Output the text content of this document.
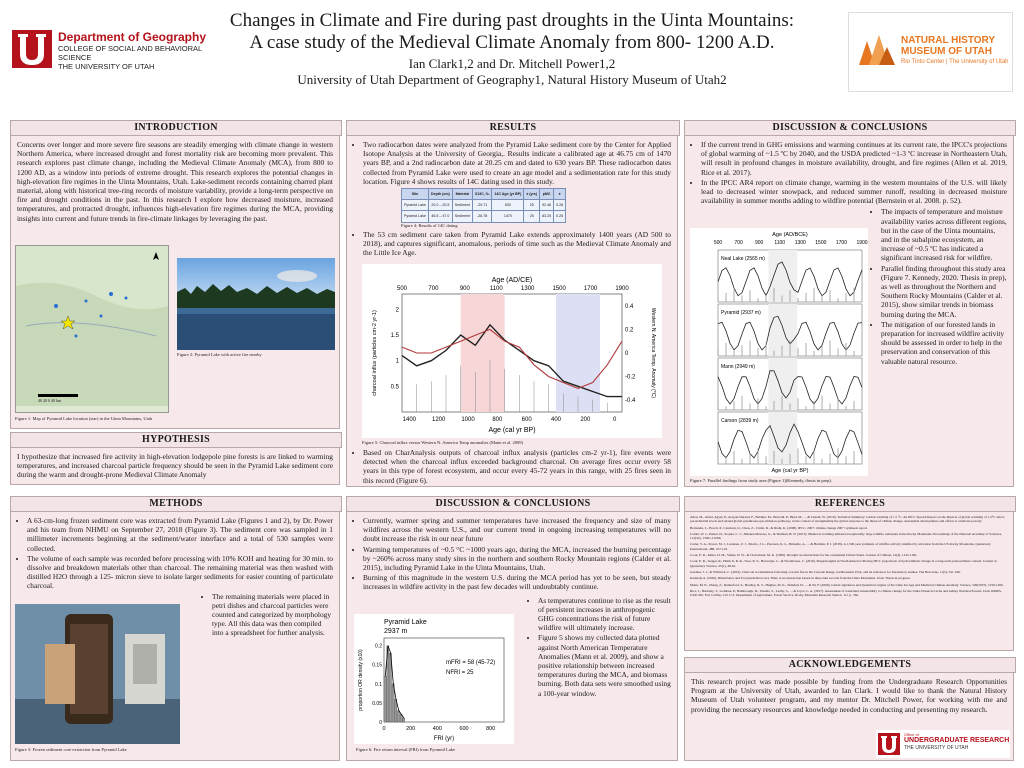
Department of Geography
COLLEGE OF SOCIAL AND BEHAVIORAL SCIENCE
THE UNIVERSITY OF UTAH
Changes in Climate and Fire during past droughts in the Uinta Mountains:
A case study of the Medieval Climate Anomaly from 800- 1200 A.D.
Ian Clark1,2 and Dr. Mitchell Power1,2
University of Utah Department of Geography1, Natural History Museum of Utah2
NATURAL HISTORY
MUSEUM OF UTAH
Rio Tinto Center | The University of Utah
INTRODUCTION
Concerns over longer and more severe fire seasons are steadily emerging with climate change in western Northern America, where increased drought and forest mortality risk are becoming more prevalent. This research explores past climate change, including the Medieval Climate Anomaly (MCA), from 800 to 1200 AD, as a window into periods of extreme drought. This research explores the potential changes in high-elevation fire regimes in the Uinta Mountains, Utah. Lake-sediment records containing charred plant material, along with historical tree-ring records of moisture variability, provide a long-term perspective on fire and drought conditions in the past. In this research I explore how decreased moisture, increased temperatures, and protracted drought, influences high-elevation fire regimes during the MCA, providing insights into current and future trends in fire-climate linkages by leveraging the past.
40 20 0 40 km
Figure 1: Map of Pyramid Lake location (star) in the Uinta Mountains, Utah
Figure 2: Pyramid Lake with active fire nearby
HYPOTHESIS
I hypothesize that increased fire activity in high-elevation lodgepole pine forests is are linked to warming temperatures, and increased charcoal particle frequency should be seen in the Pyramid Lake sediment core during the warm and drought-prone Medieval Climate Anomaly
METHODS
• A 63-cm-long frozen sediment core was extracted from Pyramid Lake (Figures 1 and 2), by Dr. Power and his team from NHMU on September 27, 2018 (Figure 3). The sediment core was sampled in 1 millimeter increments beginning at the sediment/water interface and a total of 530 samples were collected.
• The volume of each sample was recorded before processing with 10% KOH and heating for 30 min. to dissolve and breakdown materials other than charcoal. The remaining material was then washed with distilled H2O through a 125- micron sieve to isolate larger sediments for easier counting of particulate charcoal.
• The remaining materials were placed in petri dishes and charcoal particles were counted and categorized by morphology type. All this data was then compiled into a spreadsheet for further analysis.
Figure 3: Frozen sediment core extraction from Pyramid Lake
RESULTS
• Two radiocarbon dates were analyzed from the Pyramid Lake sediment core by the Center for Applied Isotope Analysis at the University of Georgia,. Results indicate a calibrated age at 46.75 cm of 1470 years BP, and a 2nd radiocarbon date at 20.25 cm and dated to 630 years BP. These radiocarbon dates collected from Pyramid Lake were used to create an age model and a sedimentation rate for this study location. Figure 4 shows results of 14C dating used in this study.
Site	Depth (cm)	Material	δ13C, ‰	14C Age (yr BP)	± (yrs)	pMC	±
Pyramid Lake	20.0 – 20.5	Sediment	-29.71	630	25	92.46	0.28
Pyramid Lake	46.5 – 47.0	Sediment	-28.78	1470	25	83.25	0.25
Figure 4: Results of 14C dating
• The 53 cm sediment care taken from Pyramid Lake extends approximately 1400 years (AD 500 to 2018), and captures significant, anomalous, periods of time such as the Medieval Climate Anomaly and the Little Ice Age.
1400	1200	1000	800	600	400	200	0
500	700	900	1100	1300	1500	1700	1900
0.5
1
1.5
2
-0.4
-0.2
0
0.2
0.4
Age (cal yr BP)
Age (AD/CE)
charcoal influx (particles cm-2 yr-1)	Western N. America Temp. Anomaly (°C)
Figure 5: Charcoal influx versus Western N. America Temp anomalies (Mann et al. 2009)
• Based on CharAnalysis outputs of charcoal influx analysis (particles cm-2 yr-1), fire events were detected when the charcoal influx exceeded background charcoal. On average fires occur every 58 years in this type of forest ecosystem, and occur every 45-72 years in this range, with 25 fires seen in this record (Figure 6).
DISCUSSION & CONCLUSIONS
• Currently, warmer spring and summer temperatures have increased the frequency and size of many wildfires across the western U.S., and our current trend in ongoing increasing temperatures will no doubt increase the risk in our near future
• Warming temperatures of ~0.5 °C ~1000 years ago, during the MCA, increased the burning percentage by ~260% across many study sites in the northern and southern Rocky Mountain regions (Calder et al. 2015), including Pyramid Lake in the Uinta Mountains, Utah.
• Burning of this magnitude in the western U.S. during the MCA period has yet to be seen, but steady increases in wildfire activity in the past few decades will undoubtably continue.
• As temperatures continue to rise as the result of persistent increases in anthropogenic GHG concentrations the risk of future wildfire will ultimately increase.
• Figure 5 shows my collected data plotted against North American Temperature Anomalies (Mann et al. 2009), and show a positive relationship between increased temperatures during the MCA, and biomass burning. Both data sets were smoothed using a 100-year window.
Pyramid Lake
2937 m
0	200	400	600	800
0
0.05
0.1
0.15
0.2
FRI (yr)
proportion OR density (x10)	mFRI = 58 (45-72)
NFRI = 25
Figure 6: Fire return interval (FRI) from Pyramid Lake
DISCUSSION & CONCLUSIONS
• If the current trend in GHG emissions and warming continues at its current rate, the IPCC's projections of global warming of ~1.5 ºC by 2040, and the USDA predicted ~1-3 ºC increase in Northeastern Utah, will result in profound changes in moisture availability, drought, and fire regimes (Allen et al. 2019, Rice et al. 2017).
• In the IPCC AR4 report on climate change, warming in the western mountains of the U.S. will likely lead to decreased winter snowpack, and reduced summer runoff, resulting in decreased moisture availability in summer months adding to wildfire potential (Bernstein et al. 2008. p. 52).
• The impacts of temperature and moisture availability varies across different regions, but in the case of the Uinta mountains, and in the subalpine ecosystem, an increase of ~0.5 ºC has indicated a significant increased risk for wildfire.
• Parallel finding throughout this study area (Figure 7. Kennedy, 2020. Thesis in prep), as well as throughout the Northern and Southern Rocky Mountains (Calder et al. 2015), show similar trends in biomass burning during the MCA.
• The mitigation of our forested lands in preparation for increased wildfire activity should be assessed in order to help in the preservation and conservation of this valuable natural resource.
Age (AD/BCE)
500 700 900 1100 1300 1500 1700 1900
Neal Lake (2565 m)
Pyramid (2937 m)
Mann (2949 m)
Carson (2839 m)
Age (cal yr BP)
Figure 7: Parallel findings from study area (Figure 1)(Kennedy, thesis in prep).
REFERENCES
Allen, M., Antwi-Agyei, P., Aragon-Durand, F., Babiker, M., Bertoldi, P., Bind, M., ... & Cheem, W. (2019). Technical Summary: Global warming of 1.5 °C. An IPCC Special Report on the impacts of global warming of 1.5°C above pre-industrial levels and related global greenhouse gas emission pathways, in the context of strengthening the global response to the threat of climate change, sustainable development, and efforts to eradicate poverty.
Bernstein, L., Bosch, P., Canziani, O., Chen, Z., Christ, R., & Riahi, K. (2008). IPCC, 2007: climate change 2007: synthesis report.
Calder, W. J., Parker, D., Stopka, C. J., Jiménez-Moreno, G., & Shuman, B. N. (2015). Medieval warming initiated exceptionally large wildfire outbreaks in the Rocky Mountains. Proceedings of the National Academy of Sciences, 112(43), 13261-13266.
Carter, V. A., Power, M. J., Lundeen, Z. J., Morris, J. L., Petersen, K. L., Brunelle, A., ... & Bartlein, P. J. (2018). A 1,500-year synthesis of wildfire activity stratified by elevation from the US Rocky Mountains. Quaternary International, 488, 107-119.
Cook, E. R., Meko, D. M., Stahle, D. W., & Cleaveland, M. K. (1999). Drought reconstructions for the continental United States. Journal of Climate, 12(4), 1145-1162.
Cook, E. R., Seager, R., Heim Jr, R. R., Vose, R. S., Herweijer, C., & Woodhouse, C. (2010). Megadroughts in North America: Placing IPCC projections of hydroclimatic change in a long-term palaeoclimate context. Journal of Quaternary Science, 25(1), 48-61.
Gardner, J. J., & Whitlock, C. (2001). Charcoal accumulation following a recent fire in the Cascade Range, northwestern USA, and its relevance for fire-history studies. The Holocene, 11(5), 541-549.
Kennedy A. (2020). Disturbance and Ecosystem Recovery Time: A reconstruction based on three lake records from the Uinta Mountains, Utah. Thesis in progress.
Mann, M. E., Zhang, Z., Rutherford, S., Bradley, R. S., Hughes, M. K., Shindell, D., ... & Ni, F. (2009). Global signatures and dynamical origins of the Little Ice Age and Medieval Climate Anomaly. Science, 326(5957), 1256-1260.
Rice, J., Bardsley, T., Gomben, P., Bambrough, D., Weems, S., Leahy, S., ... & Joyce, L. A. (2017). Assessment of watershed vulnerability to climate change for the Uinta-Wasatch-Cache and Ashley National Forests, Utah. RMRS-GTR-362. Fort Collins, CO: U.S. Department of Agriculture, Forest Service, Rocky Mountain Research Station. 111 p., 362.
ACKNOWLEDGEMENTS
This research project was made possible by funding from the Undergraduate Research Opportunities Program at the University of Utah, awarded to Ian Clark. I would like to thank the Natural History Museum of Utah volunteer program, and my mentor Dr. Mitchell Power, for working with me and providing the necessary resources and knowledge needed in conducting and presenting my research.
Office of
UNDERGRADUATE RESEARCH
THE UNIVERSITY OF UTAH
